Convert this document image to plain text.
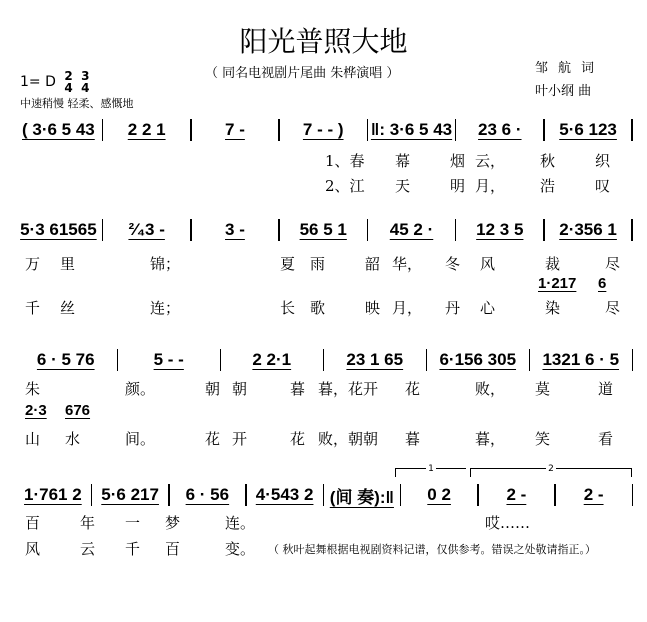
阳光普照大地
（ 同名电视剧片尾曲 朱桦演唱 ）	邹航词
叶小纲 曲
1= D 2
4 3
4
中速稍慢 轻柔、感慨地
( 3·6 5 43	2 2 1	7 -	7 - - )	‖: 3·6 5 43	23 6 ·	5·6 123
1、春 幕	烟 云， 秋	织
2、江 天	明 月， 浩	叹
5·3 61565	²⁄₄3 -	3 -	56 5 1	45 2 ·	12 3 5	2·356 1
万 里	锦；	夏 雨	韶 华， 冬 风	裁	尽
千 丝	连；	长 歌	映 月， 丹 心	染	尽
1·217 6
6 · 5 76	5 - -	2 2·1	23 1 65	6·156 305	1321 6 · 5
朱	颜。	朝 朝	暮 暮，花开 花	败， 莫	道
山 水	间。	花 开	花 败，朝朝 暮	暮， 笑	看
2·3 676
1·761 2	5·6 217	6 · 56	4·543 2 (间 奏):‖	0 2	2 -	2 -
百	年 一 梦	连。	哎……
风	云 千 百	变。
1	2
（ 秋叶起舞根据电视剧资料记谱，仅供参考。错误之处敬请指正。）
